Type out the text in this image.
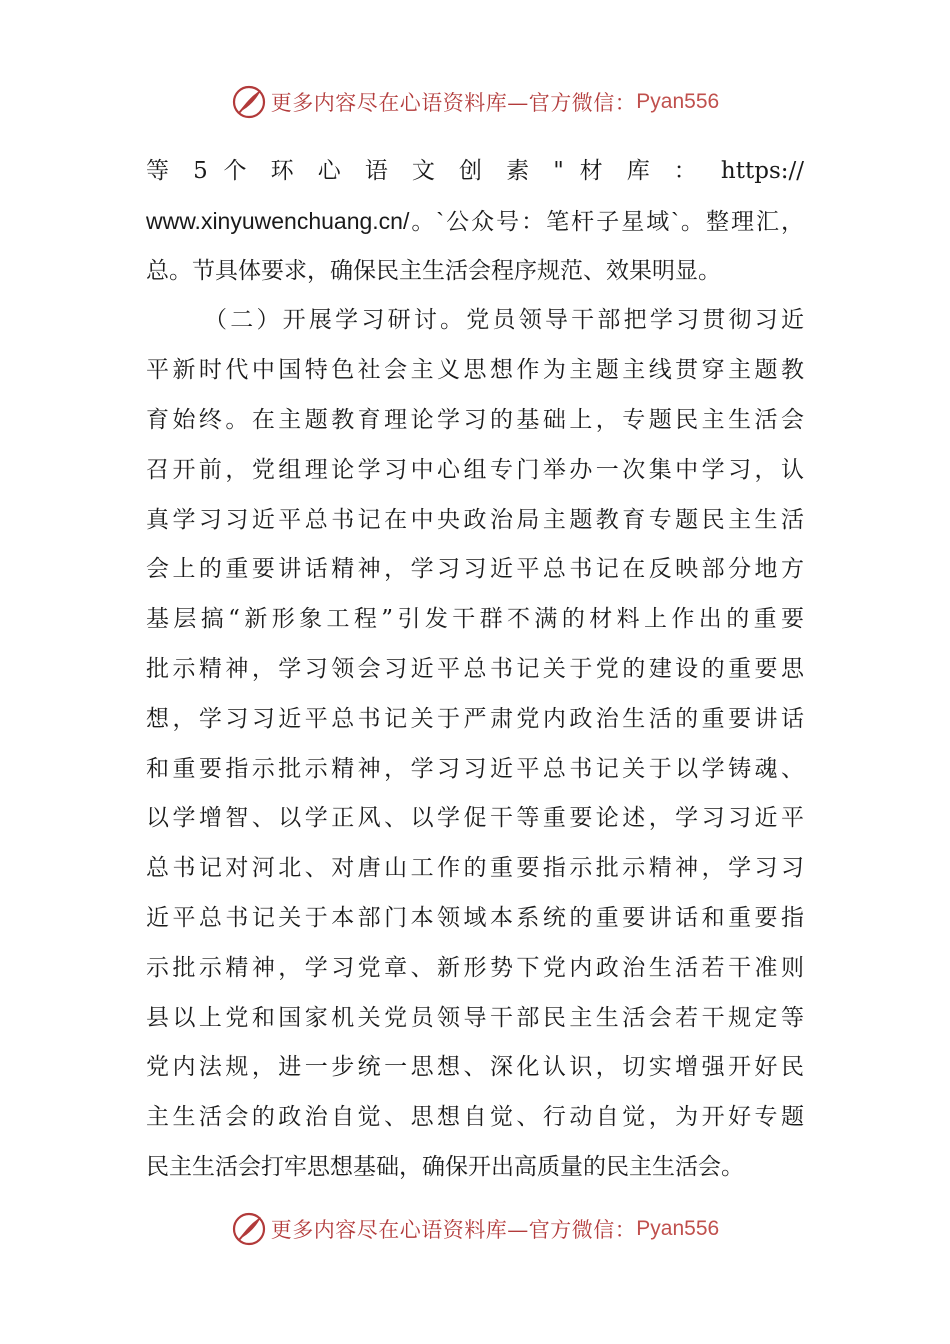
更多内容尽在心语资料库—官方微信： Pyan556
等 5 个 环 心 语 文 创 素 " 材 库 ： https://
www.xinyuwenchuang.cn/。`公众号：笔杆子星域`。整理汇，
总。节具体要求，确保民主生活会程序规范、效果明显。
（二）开展学习研讨。党员领导干部把学习贯彻习近
平新时代中国特色社会主义思想作为主题主线贯穿主题教
育始终。在主题教育理论学习的基础上，专题民主生活会
召开前，党组理论学习中心组专门举办一次集中学习，认
真学习习近平总书记在中央政治局主题教育专题民主生活
会上的重要讲话精神，学习习近平总书记在反映部分地方
基层搞“新形象工程”引发干群不满的材料上作出的重要
批示精神，学习领会习近平总书记关于党的建设的重要思
想，学习习近平总书记关于严肃党内政治生活的重要讲话
和重要指示批示精神，学习习近平总书记关于以学铸魂、
以学增智、以学正风、以学促干等重要论述，学习习近平
总书记对河北、对唐山工作的重要指示批示精神，学习习
近平总书记关于本部门本领域本系统的重要讲话和重要指
示批示精神，学习党章、新形势下党内政治生活若干准则
县以上党和国家机关党员领导干部民主生活会若干规定等
党内法规，进一步统一思想、深化认识，切实增强开好民
主生活会的政治自觉、思想自觉、行动自觉，为开好专题
民主生活会打牢思想基础，确保开出高质量的民主生活会。
更多内容尽在心语资料库—官方微信： Pyan556
